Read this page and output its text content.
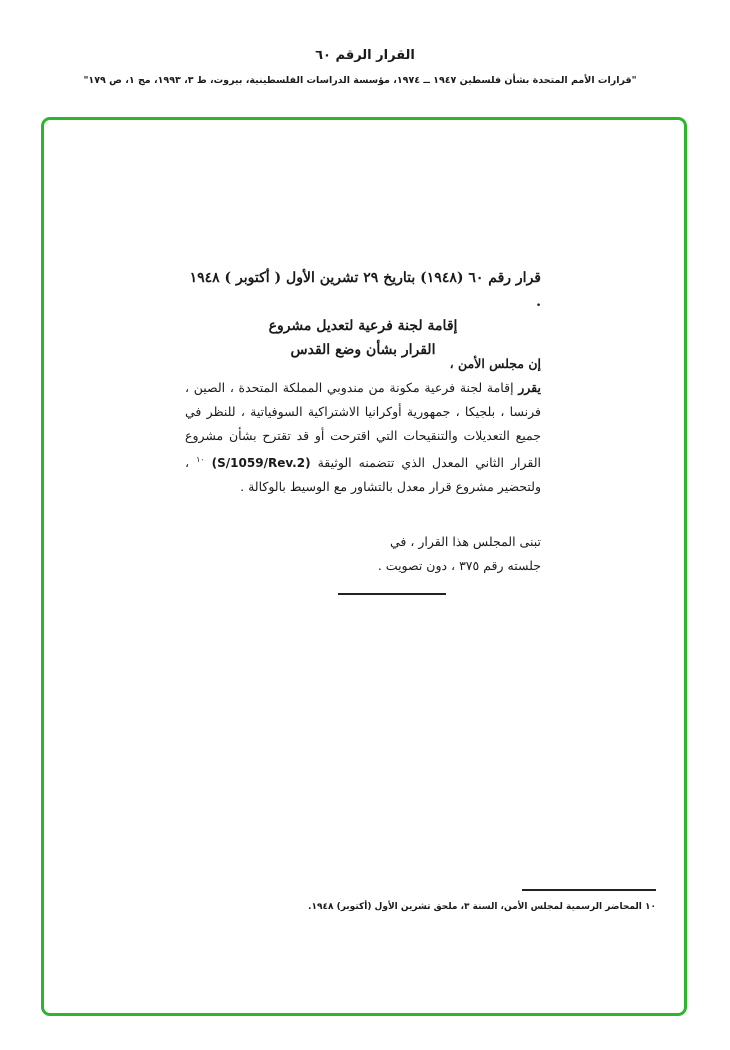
القرار الرقم ٦٠
"قرارات الأمم المتحدة بشأن فلسطين ١٩٤٧ ــ ١٩٧٤، مؤسسة الدراسات الفلسطينية، بيروت، ط ٣، ١٩٩٣، مج ١، ص ١٧٩"
قرار رقم ٦٠ (١٩٤٨) بتاريخ ٢٩ تشرين الأول ( أكتوبر ) ١٩٤٨ .
إقامة لجنة فرعية لتعديل مشروع
القرار بشأن وضع القدس
إن مجلس الأمن ،
يقرر إقامة لجنة فرعية مكونة من مندوبي المملكة المتحدة ، الصين ، فرنسا ، بلجيكا ، جمهورية أوكرانيا الاشتراكية السوفياتية ، للنظر في جميع التعديلات والتنقيحات التي اقترحت أو قد تقترح بشأن مشروع القرار الثاني المعدل الذي تتضمنه الوثيقة (S/1059/Rev.2) $^{١٠}$ ، ولتحضير مشروع قرار معدل بالتشاور مع الوسيط بالوكالة .
تبنى المجلس هذا القرار ، في
جلسته رقم ٣٧٥ ، دون تصويت .
١٠ المحاضر الرسمية لمجلس الأمن، السنة ٣، ملحق تشرين الأول (أكتوبر) ١٩٤٨.
